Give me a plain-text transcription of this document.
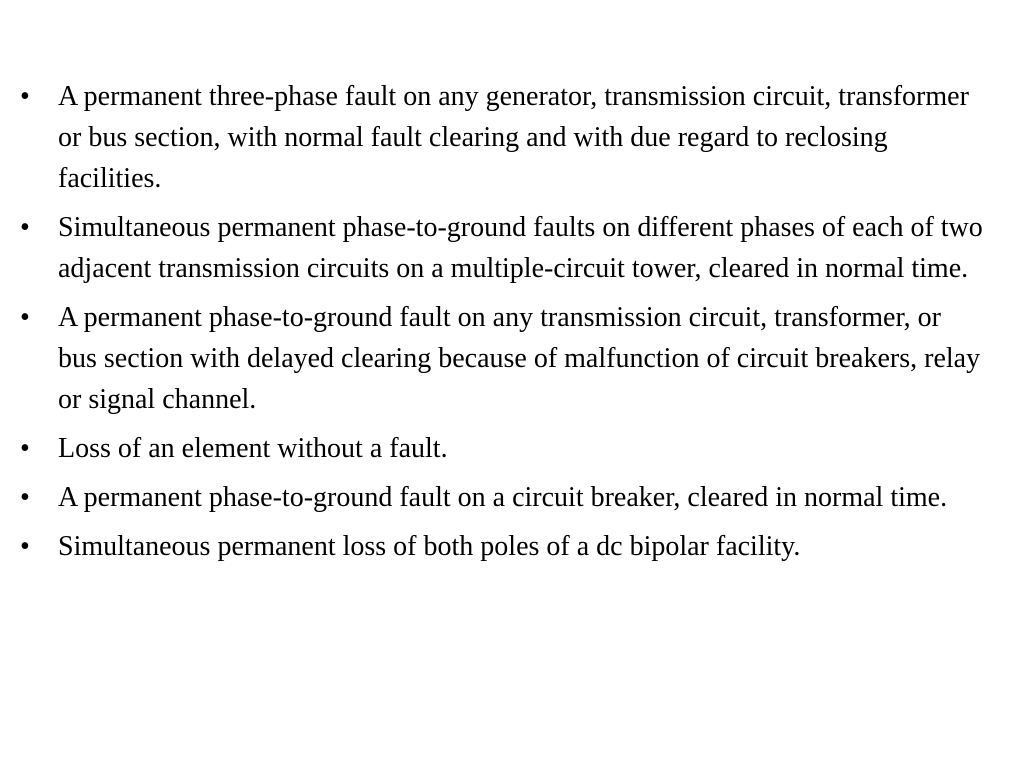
•	A permanent three-phase fault on any generator, transmission circuit, transformer or bus section, with normal fault clearing and with due regard to reclosing facilities.
•	Simultaneous permanent phase-to-ground faults on different phases of each of two adjacent transmission circuits on a multiple-circuit tower, cleared in normal time.
•	A permanent phase-to-ground fault on any transmission circuit, transformer, or bus section with delayed clearing because of malfunction of circuit breakers, relay or signal channel.
•	Loss of an element without a fault.
•	A permanent phase-to-ground fault on a circuit breaker, cleared in normal time.
•	Simultaneous permanent loss of both poles of a dc bipolar facility.
